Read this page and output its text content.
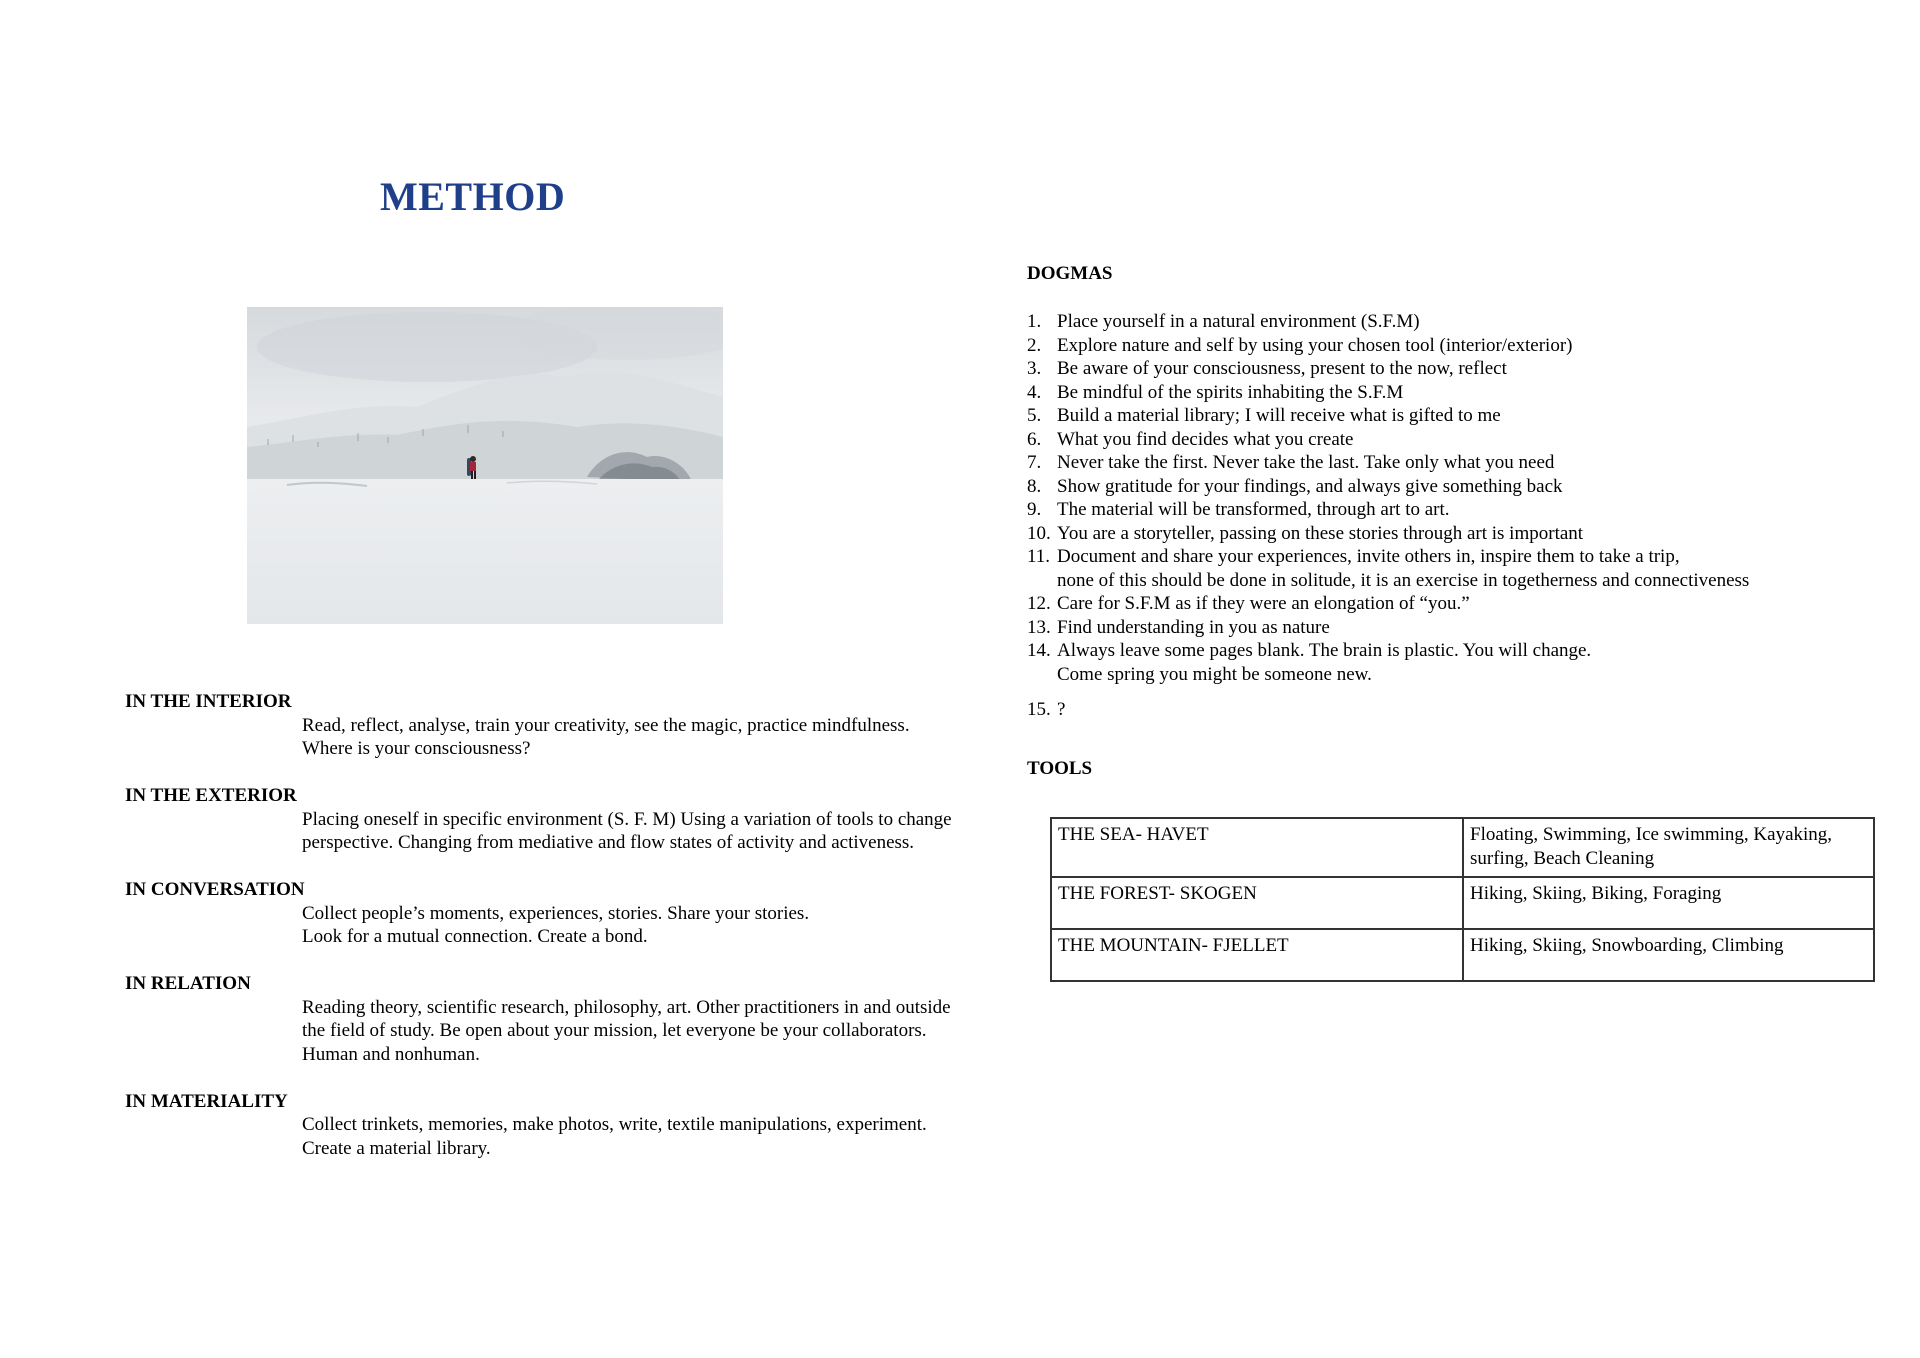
METHOD
IN THE INTERIOR
Read, reflect, analyse, train your creativity, see the magic, practice mindfulness.
Where is your consciousness?
IN THE EXTERIOR
Placing oneself in specific environment (S. F. M) Using a variation of tools to change
perspective. Changing from mediative and flow states of activity and activeness.
IN CONVERSATION
Collect people’s moments, experiences, stories. Share your stories.
Look for a mutual connection. Create a bond.
IN RELATION
Reading theory, scientific research, philosophy, art. Other practitioners in and outside
the field of study. Be open about your mission, let everyone be your collaborators.
Human and nonhuman.
IN MATERIALITY
Collect trinkets, memories, make photos, write, textile manipulations, experiment.
Create a material library.
DOGMAS
1. Place yourself in a natural environment (S.F.M)
2. Explore nature and self by using your chosen tool (interior/exterior)
3. Be aware of your consciousness, present to the now, reflect
4. Be mindful of the spirits inhabiting the S.F.M
5. Build a material library; I will receive what is gifted to me
6. What you find decides what you create
7. Never take the first. Never take the last. Take only what you need
8. Show gratitude for your findings, and always give something back
9. The material will be transformed, through art to art.
10. You are a storyteller, passing on these stories through art is important
11. Document and share your experiences, invite others in, inspire them to take a trip,
none of this should be done in solitude, it is an exercise in togetherness and connectiveness
12. Care for S.F.M as if they were an elongation of “you.”
13. Find understanding in you as nature
14. Always leave some pages blank. The brain is plastic. You will change.
Come spring you might be someone new.
15. ?
TOOLS
THE SEA- HAVET	Floating, Swimming, Ice swimming, Kayaking, surfing, Beach Cleaning
THE FOREST- SKOGEN	Hiking, Skiing, Biking, Foraging
THE MOUNTAIN- FJELLET	Hiking, Skiing, Snowboarding, Climbing
